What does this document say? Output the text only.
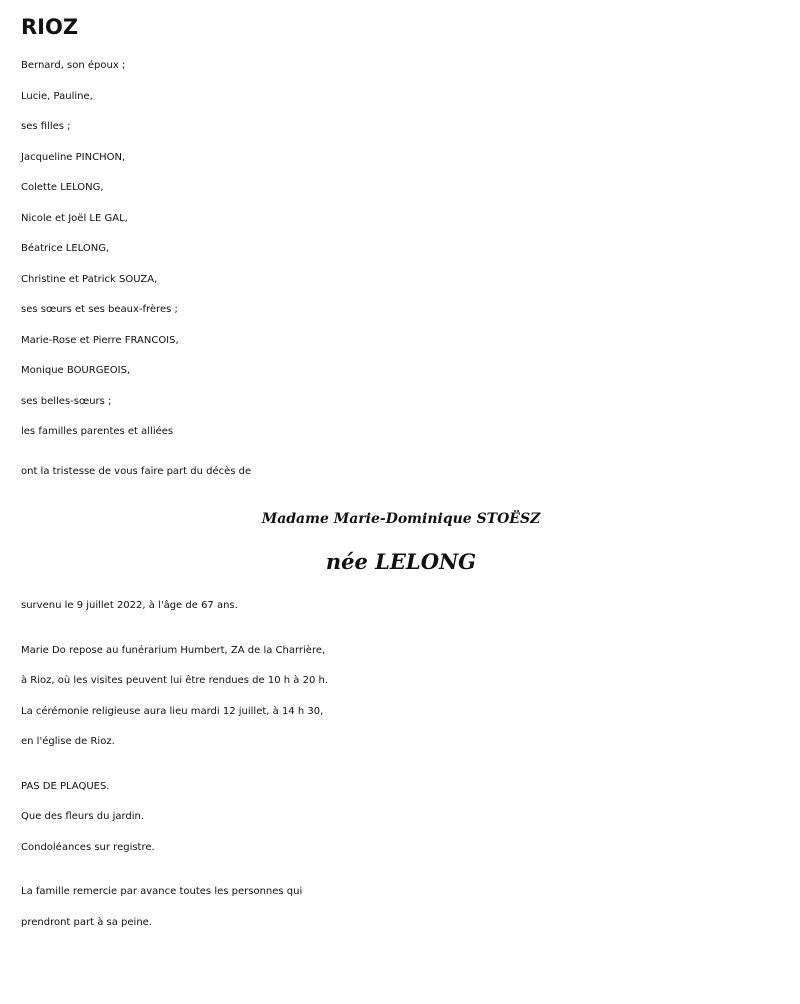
RIOZ
Bernard, son époux ;
Lucie, Pauline,
ses filles ;
Jacqueline PINCHON,
Colette LELONG,
Nicole et Joël LE GAL,
Béatrice LELONG,
Christine et Patrick SOUZA,
ses sœurs et ses beaux-frères ;
Marie-Rose et Pierre FRANCOIS,
Monique BOURGEOIS,
ses belles-sœurs ;
les familles parentes et alliées
ont la tristesse de vous faire part du décès de
Madame Marie-Dominique STOËSZ
née LELONG
survenu le 9 juillet 2022, à l'âge de 67 ans.
Marie Do repose au funérarium Humbert, ZA de la Charrière,
à Rioz, où les visites peuvent lui être rendues de 10 h à 20 h.
La cérémonie religieuse aura lieu mardi 12 juillet, à 14 h 30,
en l'église de Rioz.
PAS DE PLAQUES.
Que des fleurs du jardin.
Condoléances sur registre.
La famille remercie par avance toutes les personnes qui
prendront part à sa peine.
